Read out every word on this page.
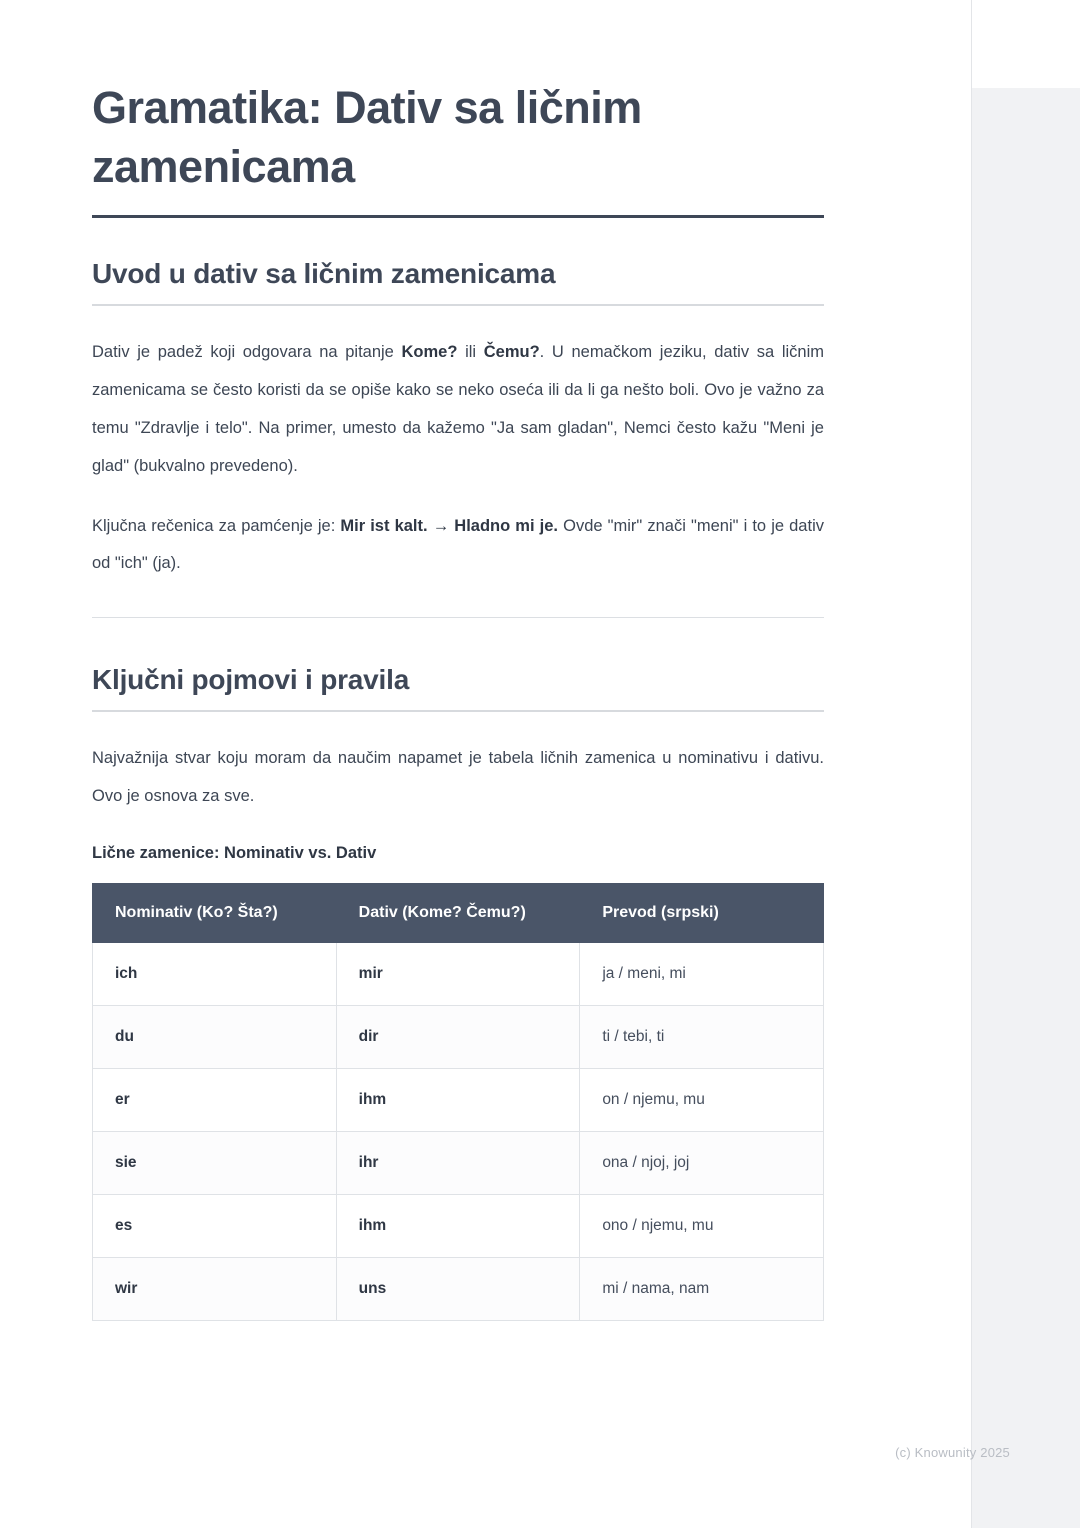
Gramatika: Dativ sa ličnim zamenicama
Uvod u dativ sa ličnim zamenicama

Dativ je padež koji odgovara na pitanje Kome? ili Čemu?. U nemačkom jeziku, dativ sa ličnim zamenicama se često koristi da se opiše kako se neko oseća ili da li ga nešto boli. Ovo je važno za temu "Zdravlje i telo". Na primer, umesto da kažemo "Ja sam gladan", Nemci često kažu "Meni je glad" (bukvalno prevedeno).

Ključna rečenica za pamćenje je: Mir ist kalt. → Hladno mi je. Ovde "mir" znači "meni" i to je dativ od "ich" (ja).

Ključni pojmovi i pravila

Najvažnija stvar koju moram da naučim napamet je tabela ličnih zamenica u nominativu i dativu. Ovo je osnova za sve.

Lične zamenice: Nominativ vs. Dativ
Nominativ (Ko? Šta?)	Dativ (Kome? Čemu?)	Prevod (srpski)
ich	mir	ja / meni, mi
du	dir	ti / tebi, ti
er	ihm	on / njemu, mu
sie	ihr	ona / njoj, joj
es	ihm	ono / njemu, mu
wir	uns	mi / nama, nam
(c) Knowunity 2025
